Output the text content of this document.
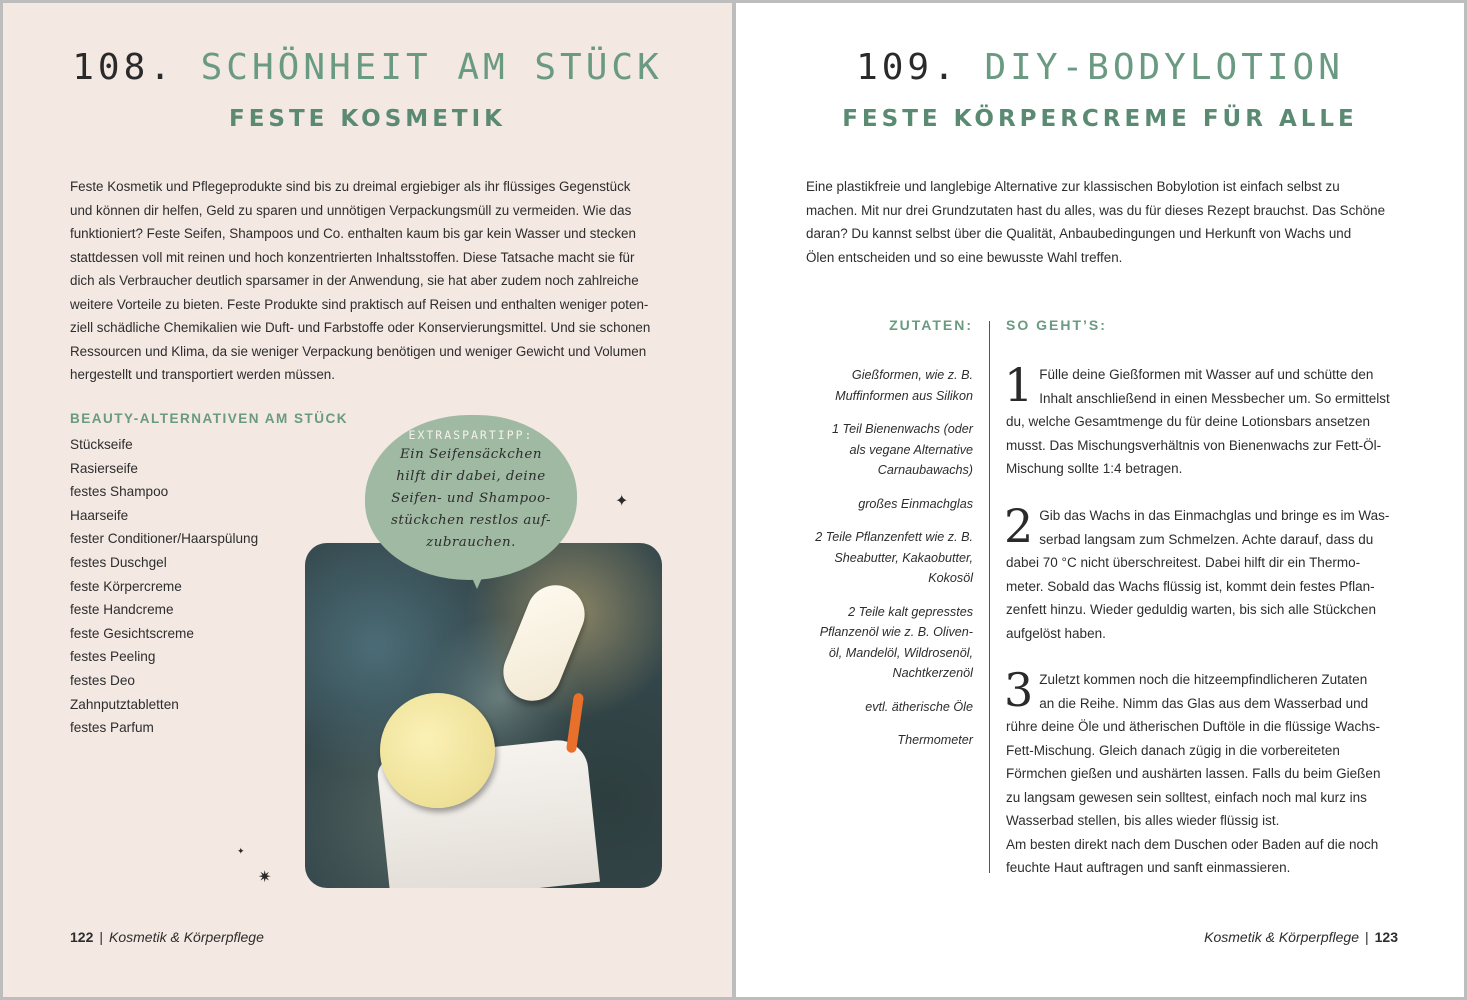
108. SCHÖNHEIT AM STÜCK
FESTE KOSMETIK
Feste Kosmetik und Pflegeprodukte sind bis zu dreimal ergiebiger als ihr flüssiges Gegenstück
und können dir helfen, Geld zu sparen und unnötigen Verpackungsmüll zu vermeiden. Wie das
funktioniert? Feste Seifen, Shampoos und Co. enthalten kaum bis gar kein Wasser und stecken
stattdessen voll mit reinen und hoch konzentrierten Inhaltsstoffen. Diese Tatsache macht sie für
dich als Verbraucher deutlich sparsamer in der Anwendung, sie hat aber zudem noch zahlreiche
weitere Vorteile zu bieten. Feste Produkte sind praktisch auf Reisen und enthalten weniger poten-
ziell schädliche Chemikalien wie Duft- und Farbstoffe oder Konservierungsmittel. Und sie schonen
Ressourcen und Klima, da sie weniger Verpackung benötigen und weniger Gewicht und Volumen
hergestellt und transportiert werden müssen.
BEAUTY-ALTERNATIVEN AM STÜCK
Stückseife
Rasierseife
festes Shampoo
Haarseife
fester Conditioner/Haarspülung
festes Duschgel
feste Körpercreme
feste Handcreme
feste Gesichtscreme
festes Peeling
festes Deo
Zahnputztabletten
festes Parfum
EXTRASPARTIPP:
Ein Seifensäckchen
hilft dir dabei, deine
Seifen- und Shampoo-
stückchen restlos auf-
zubrauchen.
✦
✦
✷
122 | Kosmetik & Körperpflege
109. DIY-BODYLOTION
FESTE KÖRPERCREME FÜR ALLE
Eine plastikfreie und langlebige Alternative zur klassischen Bobylotion ist einfach selbst zu
machen. Mit nur drei Grundzutaten hast du alles, was du für dieses Rezept brauchst. Das Schöne
daran? Du kannst selbst über die Qualität, Anbaubedingungen und Herkunft von Wachs und
Ölen entscheiden und so eine bewusste Wahl treffen.
ZUTATEN: SO GEHT’S:
Gießformen, wie z. B.
Muffinformen aus Silikon
1 Teil Bienenwachs (oder
als vegane Alternative
Carnaubawachs)
großes Einmachglas
2 Teile Pflanzenfett wie z. B.
Sheabutter, Kakaobutter,
Kokosöl
2 Teile kalt gepresstes
Pflanzenöl wie z. B. Oliven-
öl, Mandelöl, Wildrosenöl,
Nachtkerzenöl
evtl. ätherische Öle
Thermometer
1 Fülle deine Gießformen mit Wasser auf und schütte den
Inhalt anschließend in einen Messbecher um. So ermittelst
du, welche Gesamtmenge du für deine Lotionsbars ansetzen
musst. Das Mischungsverhältnis von Bienenwachs zur Fett-Öl-
Mischung sollte 1:4 betragen.
2 Gib das Wachs in das Einmachglas und bringe es im Was-
serbad langsam zum Schmelzen. Achte darauf, dass du
dabei 70 °C nicht überschreitest. Dabei hilft dir ein Thermo-
meter. Sobald das Wachs flüssig ist, kommt dein festes Pflan-
zenfett hinzu. Wieder geduldig warten, bis sich alle Stückchen
aufgelöst haben.
3 Zuletzt kommen noch die hitzeempfindlicheren Zutaten
an die Reihe. Nimm das Glas aus dem Wasserbad und
rühre deine Öle und ätherischen Duftöle in die flüssige Wachs-
Fett-Mischung. Gleich danach zügig in die vorbereiteten
Förmchen gießen und aushärten lassen. Falls du beim Gießen
zu langsam gewesen sein solltest, einfach noch mal kurz ins
Wasserbad stellen, bis alles wieder flüssig ist.
Am besten direkt nach dem Duschen oder Baden auf die noch
feuchte Haut auftragen und sanft einmassieren.
Kosmetik & Körperpflege | 123
